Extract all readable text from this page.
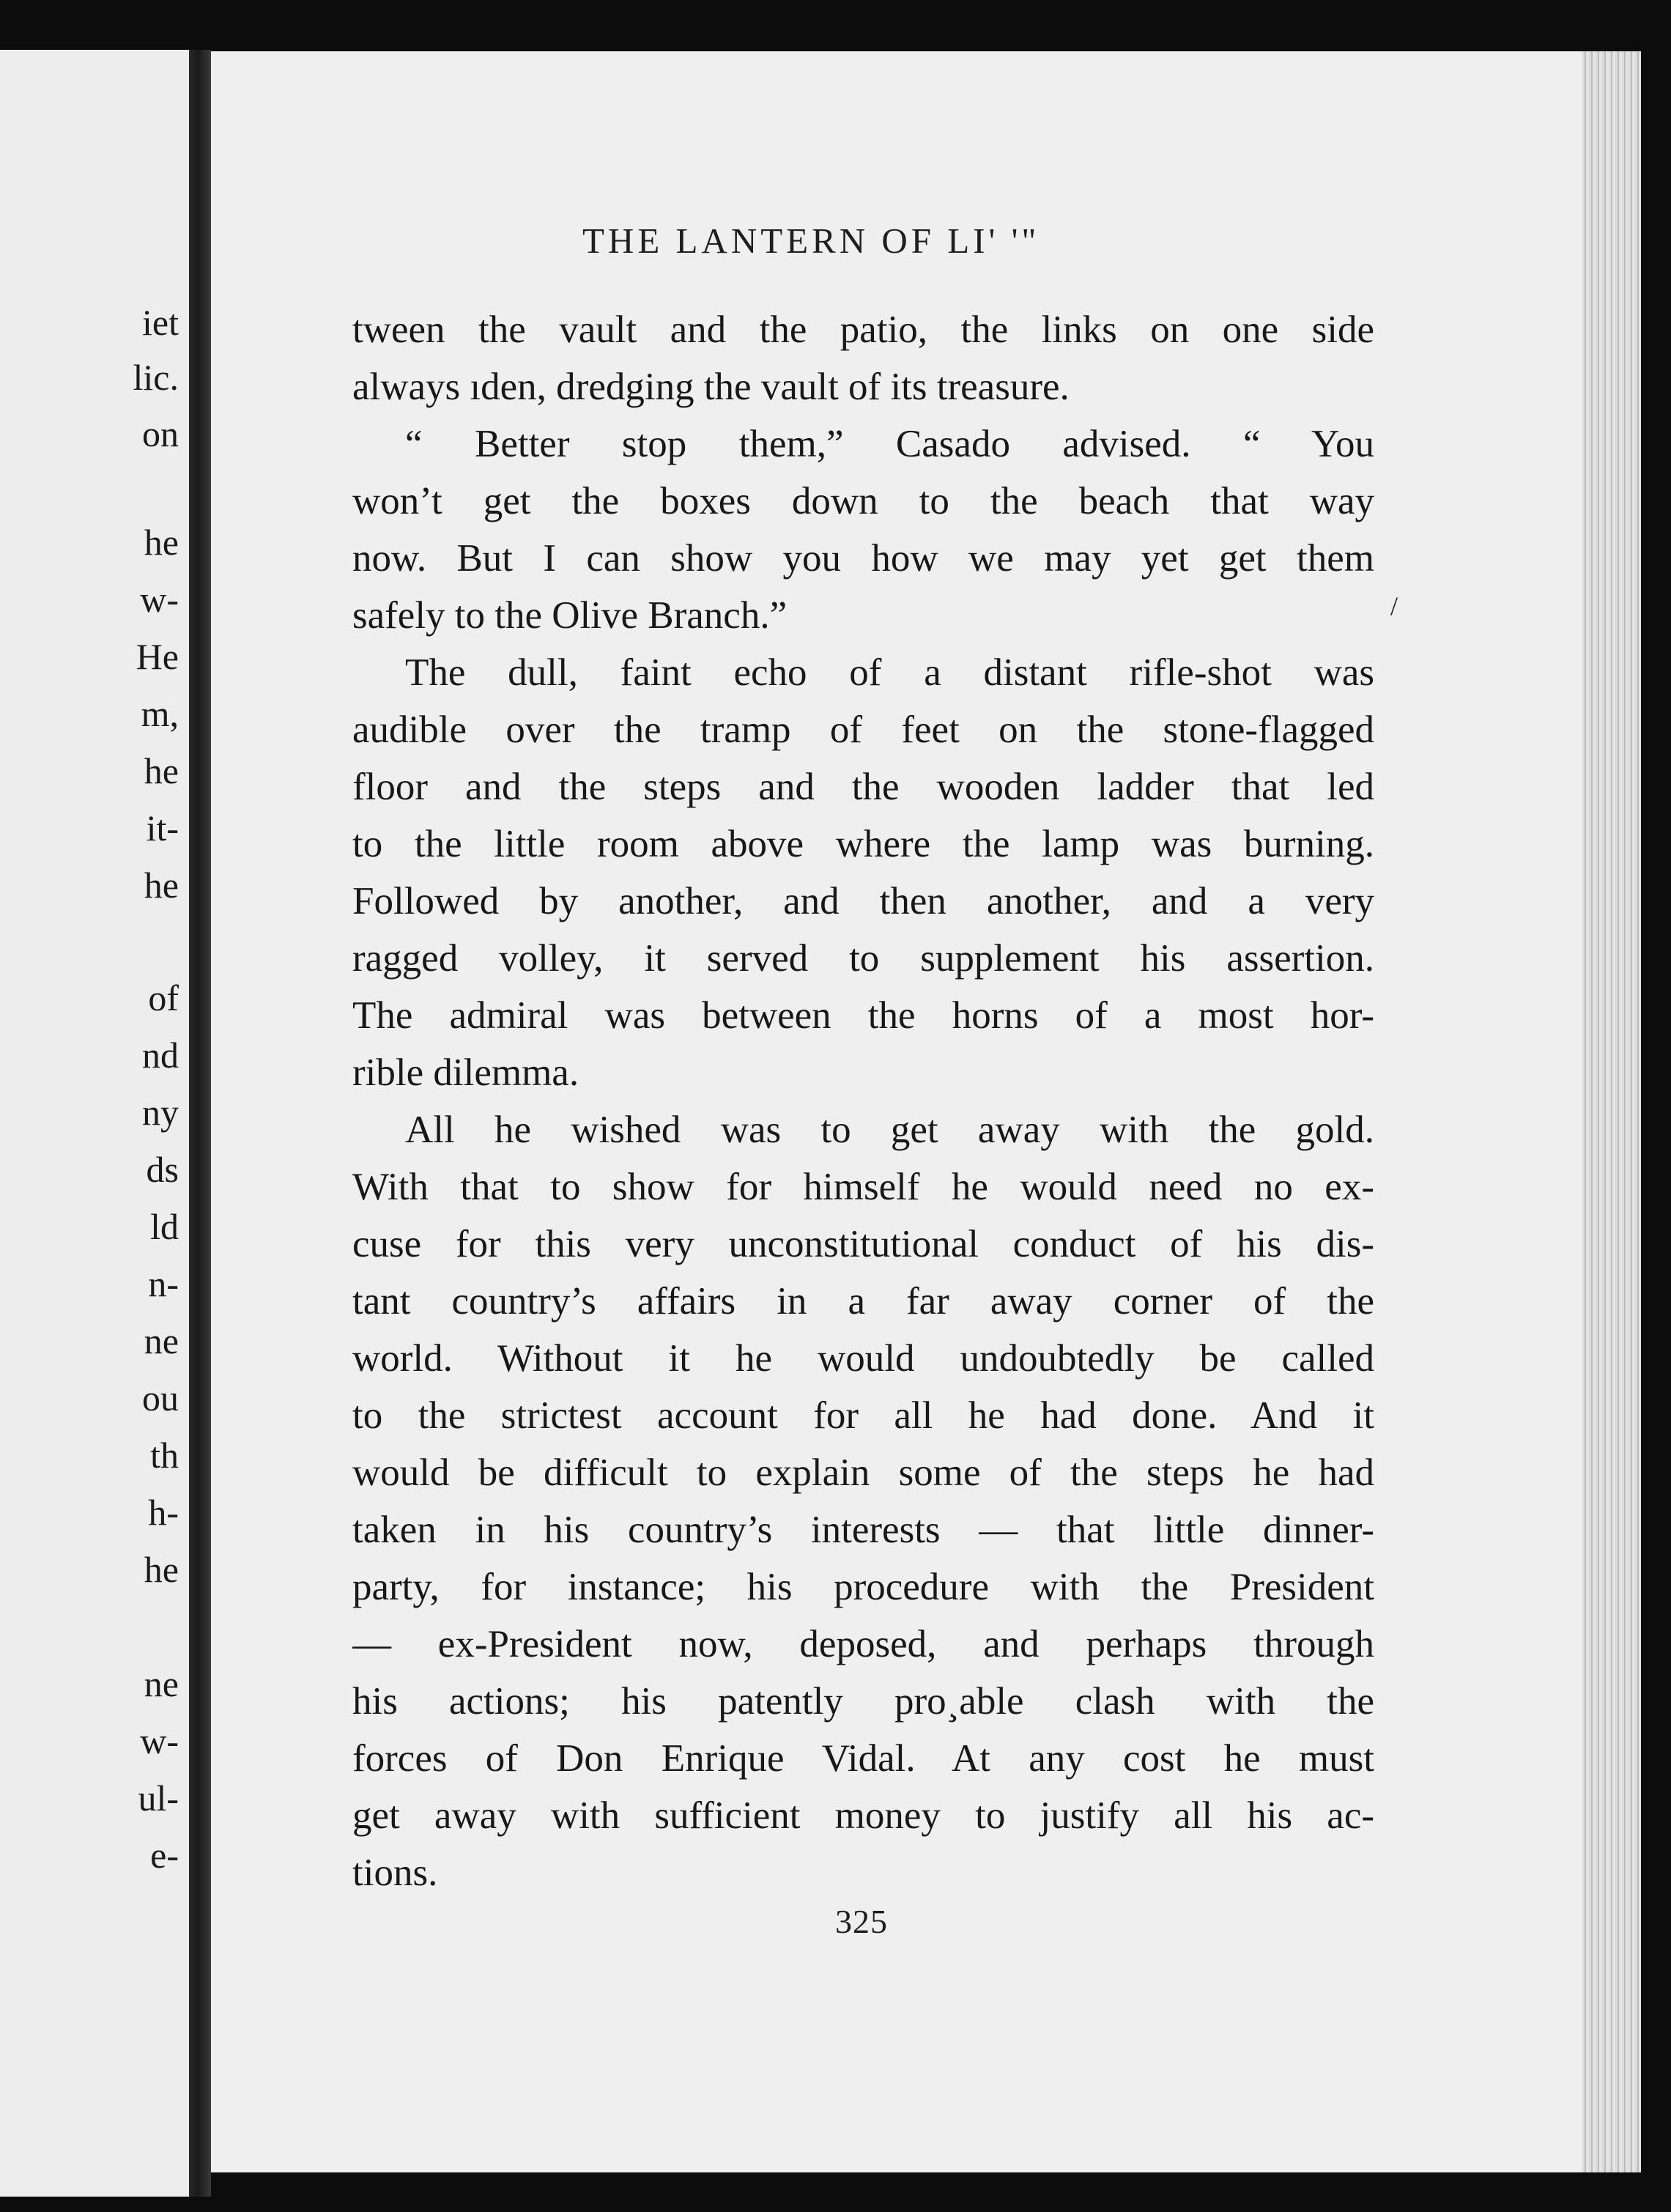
iet
lic.
on
he
w-
He
m,
he
it-
he
of
nd
ny
ds
ld
n-
ne
ou
th
h-
he
ne
w-
ul-
e-
THE LANTERN OF LI' '"
tween the vault and the patio, the links on one side
always ıden, dredging the vault of its treasure.
“ Better stop them,” Casado advised. “ You
won’t get the boxes down to the beach that way
now. But I can show you how we may yet get them
safely to the Olive Branch.”
The dull, faint echo of a distant rifle-shot was
audible over the tramp of feet on the stone-flagged
floor and the steps and the wooden ladder that led
to the little room above where the lamp was burning.
Followed by another, and then another, and a very
ragged volley, it served to supplement his assertion.
The admiral was between the horns of a most hor-
rible dilemma.
All he wished was to get away with the gold.
With that to show for himself he would need no ex-
cuse for this very unconstitutional conduct of his dis-
tant country’s affairs in a far away corner of the
world. Without it he would undoubtedly be called
to the strictest account for all he had done. And it
would be difficult to explain some of the steps he had
taken in his country’s interests — that little dinner-
party, for instance; his procedure with the President
— ex-President now, deposed, and perhaps through
his actions; his patently pro¸able clash with the
forces of Don Enrique Vidal. At any cost he must
get away with sufficient money to justify all his ac-
tions.
/
325
